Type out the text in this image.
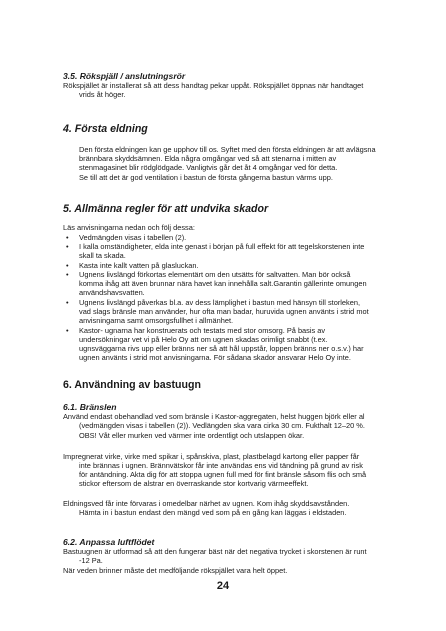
3.5. Rökspjäll / anslutningsrör
Rökspjället är installerat så att dess handtag pekar uppåt. Rökspjället öppnas när handtaget
vrids åt höger.
4. Första eldning
Den första eldningen kan ge upphov till os. Syftet med den första eldningen är att avlägsna
brännbara skyddsämnen. Elda några omgångar ved så att stenarna i mitten av
stenmagasinet blir rödglödgade. Vanligtvis går det åt 4 omgångar ved för detta.
Se till att det är god ventilation i bastun de första gångerna bastun värms upp.
5. Allmänna regler för att undvika skador
Läs anvisningarna nedan och följ dessa:
• Vedmängden visas i tabellen (2).
• I kalla omständigheter, elda inte genast i början på full effekt för att tegelskorstenen inte
skall ta skada.
• Kasta inte kallt vatten på glasluckan.
• Ugnens livslängd förkortas elementärt om den utsätts för saltvatten. Man bör också
komma ihåg att även brunnar nära havet kan innehålla salt.Garantin gällerinte omungen
användshavsvatten.
• Ugnens livslängd påverkas bl.a. av dess lämplighet i bastun med hänsyn till storleken,
vad slags bränsle man använder, hur ofta man badar, huruvida ugnen använts i strid mot
anvisningarna samt omsorgsfullhet i allmänhet.
• Kastor- ugnarna har konstruerats och testats med stor omsorg. På basis av
undersökningar vet vi på Helo Oy att om ugnen skadas orimligt snabbt (t.ex.
ugnsväggarna rivs upp eller bränns ner så att hål uppstår, loppen bränns ner o.s.v.) har
ugnen använts i strid mot anvisningarna. För sådana skador ansvarar Helo Oy inte.
6. Användning av bastuugn
6.1. Bränslen
Använd endast obehandlad ved som bränsle i Kastor-aggregaten, helst huggen björk eller al
(vedmängden visas i tabellen (2)). Vedlängden ska vara cirka 30 cm. Fukthalt 12–20 %.
OBS! Våt eller murken ved värmer inte ordentligt och utslappen ökar.
Impregnerat virke, virke med spikar i, spånskiva, plast, plastbelagd kartong eller papper får
inte brännas i ugnen. Brännvätskor får inte användas ens vid tändning på grund av risk
för antändning. Akta dig för att stoppa ugnen full med för fint bränsle såsom flis och små
stickor eftersom de alstrar en överraskande stor kortvarig värmeeffekt.
Eldningsved får inte förvaras i omedelbar närhet av ugnen. Kom ihåg skyddsavstånden.
Hämta in i bastun endast den mängd ved som på en gång kan läggas i eldstaden.
6.2. Anpassa luftflödet
Bastuugnen är utformad så att den fungerar bäst när det negativa trycket i skorstenen är runt
-12 Pa.
När veden brinner måste det medföljande rökspjället vara helt öppet.
24
